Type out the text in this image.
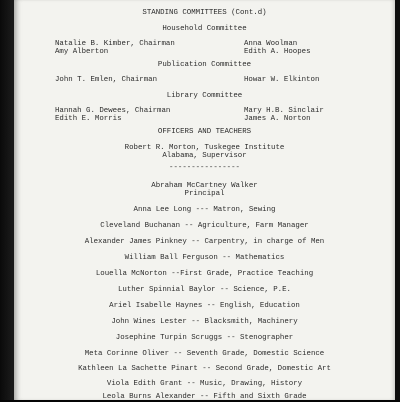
STANDING COMMITTEES (Cont.d)

Household Committee

Natalie B. Kimber, Chairman

Amy Alberton

Anna Woolman

Edith A. Hoopes

Publication Committee

John T. Emlen, Chairman

	Howar W. Elkinton

Library Committee

Hannah G. Dewees, Chairman

Edith E. Morris

Mary H.B. Sinclair

James A. Norton

OFFICERS AND TEACHERS

Robert R. Morton, Tuskegee Institute

Alabama, Supervisor

----------------

Abraham McCartney Walker

Principal

Anna Lee Long --- Matron, Sewing

Cleveland Buchanan -- Agriculture, Farm Manager

Alexander James Pinkney -- Carpentry, in charge of Men

William Ball Ferguson -- Mathematics

Louella McNorton --First Grade, Practice Teaching

Luther Spinnial Baylor -- Science, P.E.

Ariel Isabelle Haynes -- English, Education

John Wines Lester -- Blacksmith, Machinery

Josephine Turpin Scruggs -- Stenographer

Meta Corinne Oliver -- Seventh Grade, Domestic Science

Kathleen La Sachette Pinart -- Second Grade, Domestic Art

Viola Edith Grant -- Music, Drawing, History

Leola Burns Alexander -- Fifth and Sixth Grade
